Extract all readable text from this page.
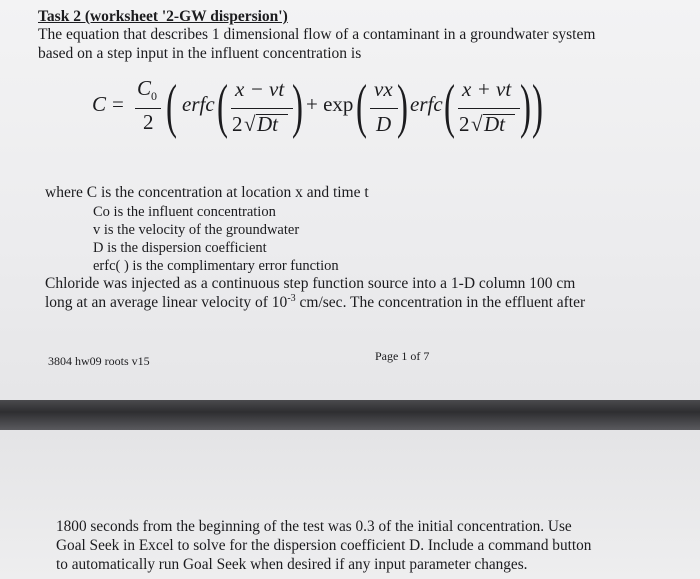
Task 2 (worksheet '2-GW dispersion')
The equation that describes 1 dimensional flow of a contaminant in a groundwater system
based on a step input in the influent concentration is
C =
$C_0$
2 ( erfc ( x − vt
2 √ Dt ) + exp ( vx
D ) erfc ( x + vt
2 √ Dt ) )
where C is the concentration at location x and time t
Co is the influent concentration
v is the velocity of the groundwater
D is the dispersion coefficient
erfc( ) is the complimentary error function
Chloride was injected as a continuous step function source into a 1-D column 100 cm
long at an average linear velocity of $10^{-3}$ cm/sec. The concentration in the effluent after
3804 hw09 roots v15	Page 1 of 7
1800 seconds from the beginning of the test was 0.3 of the initial concentration. Use
Goal Seek in Excel to solve for the dispersion coefficient D. Include a command button
to automatically run Goal Seek when desired if any input parameter changes.
